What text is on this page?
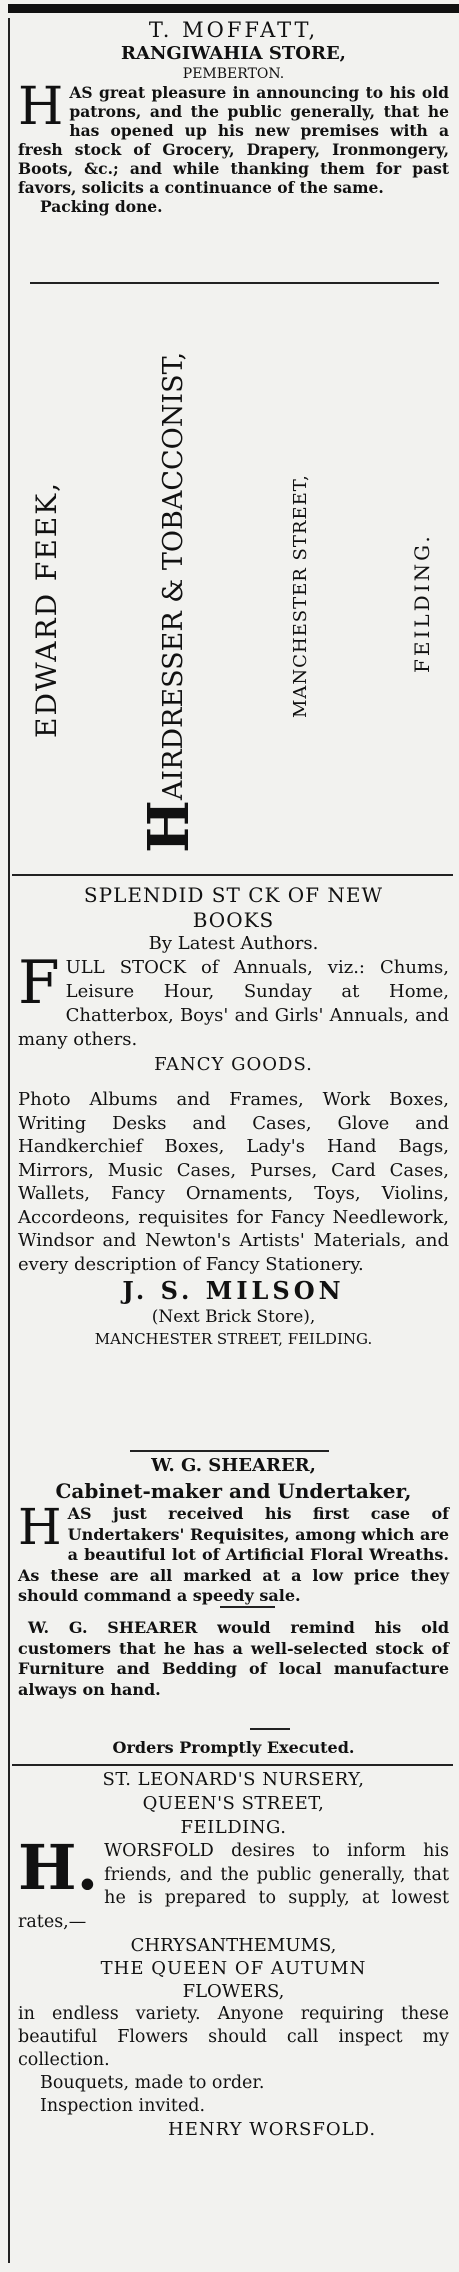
T. MOFFATT,
RANGIWAHIA STORE,
PEMBERTON.

H AS great pleasure in announcing to his old patrons, and the public generally, that he has opened up his new premises with a fresh stock of Grocery, Drapery, Ironmongery, Boots, &c.; and while thanking them for past favors, solicits a continuance of the same.

Packing done.
EDWARD FEEK,
HAIRDRESSER & TOBACCONIST,	MANCHESTER STREET,	FEILDING.
SPLENDID ST CK OF NEW
BOOKS
By Latest Authors.

F ULL STOCK of Annuals, viz.: Chums, Leisure Hour, Sunday at Home, Chatterbox, Boys' and Girls' Annuals, and many others.

FANCY GOODS.

Photo Albums and Frames, Work Boxes, Writing Desks and Cases, Glove and Handkerchief Boxes, Lady's Hand Bags, Mirrors, Music Cases, Purses, Card Cases, Wallets, Fancy Ornaments, Toys, Violins, Accordeons, requisites for Fancy Needlework, Windsor and Newton's Artists' Materials, and every description of Fancy Stationery.

J. S. MILSON
(Next Brick Store),
MANCHESTER STREET, FEILDING.
W. G. SHEARER,
Cabinet-maker and Undertaker,

H AS just received his first case of Undertakers' Requisites, among which are a beautiful lot of Artificial Floral Wreaths. As these are all marked at a low price they should command a speedy sale.

W. G. SHEARER would remind his old customers that he has a well-selected stock of Furniture and Bedding of local manufacture always on hand.

Orders Promptly Executed.
ST. LEONARD'S NURSERY,
QUEEN'S STREET,
FEILDING.

H. WORSFOLD desires to inform his friends, and the public generally, that he is prepared to supply, at lowest rates,—

CHRYSANTHEMUMS,
THE QUEEN OF AUTUMN
FLOWERS,

in endless variety. Anyone requiring these beautiful Flowers should call inspect my collection.

Bouquets, made to order.
Inspection invited.
HENRY WORSFOLD.
